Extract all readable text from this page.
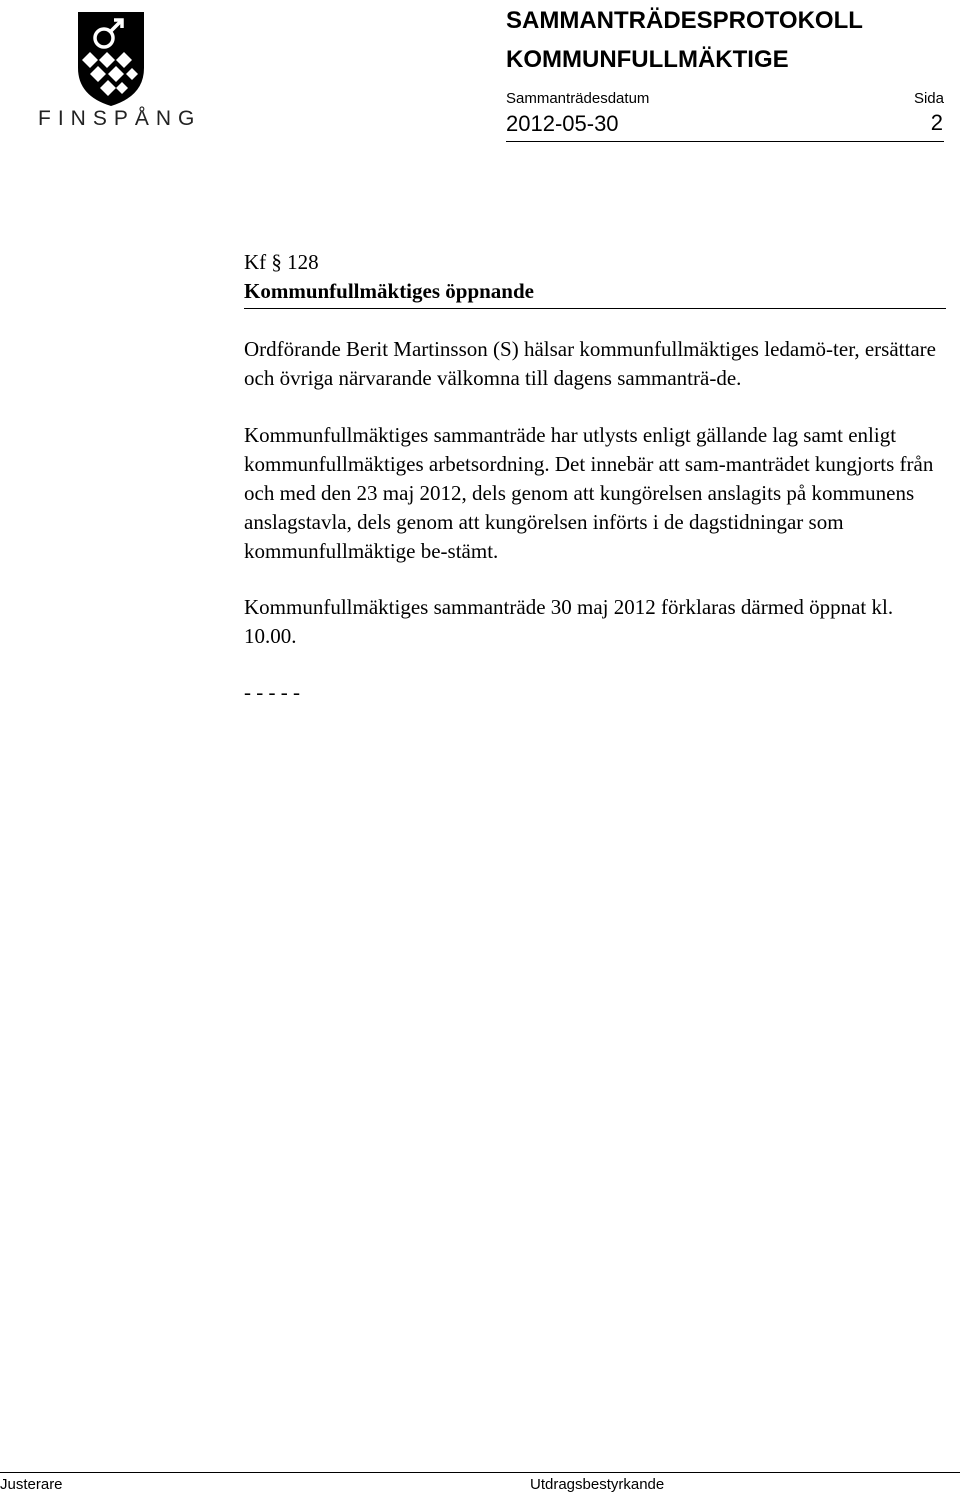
FINSPÅNG
SAMMANTRÄDESPROTOKOLL
KOMMUNFULLMÄKTIGE
Sammanträdesdatum	Sida
2012-05-30	2

Kf § 128

Kommunfullmäktiges öppnande

Ordförande Berit Martinsson (S) hälsar kommunfullmäktiges ledamö-ter, ersättare och övriga närvarande välkomna till dagens sammanträ-de.

Kommunfullmäktiges sammanträde har utlysts enligt gällande lag samt enligt kommunfullmäktiges arbetsordning. Det innebär att sam-manträdet kungjorts från och med den 23 maj 2012, dels genom att kungörelsen anslagits på kommunens anslagstavla, dels genom att kungörelsen införts i de dagstidningar som kommunfullmäktige be-stämt.

Kommunfullmäktiges sammanträde 30 maj 2012 förklaras därmed öppnat kl. 10.00.

- - - - -

Justerare	Utdragsbestyrkande
